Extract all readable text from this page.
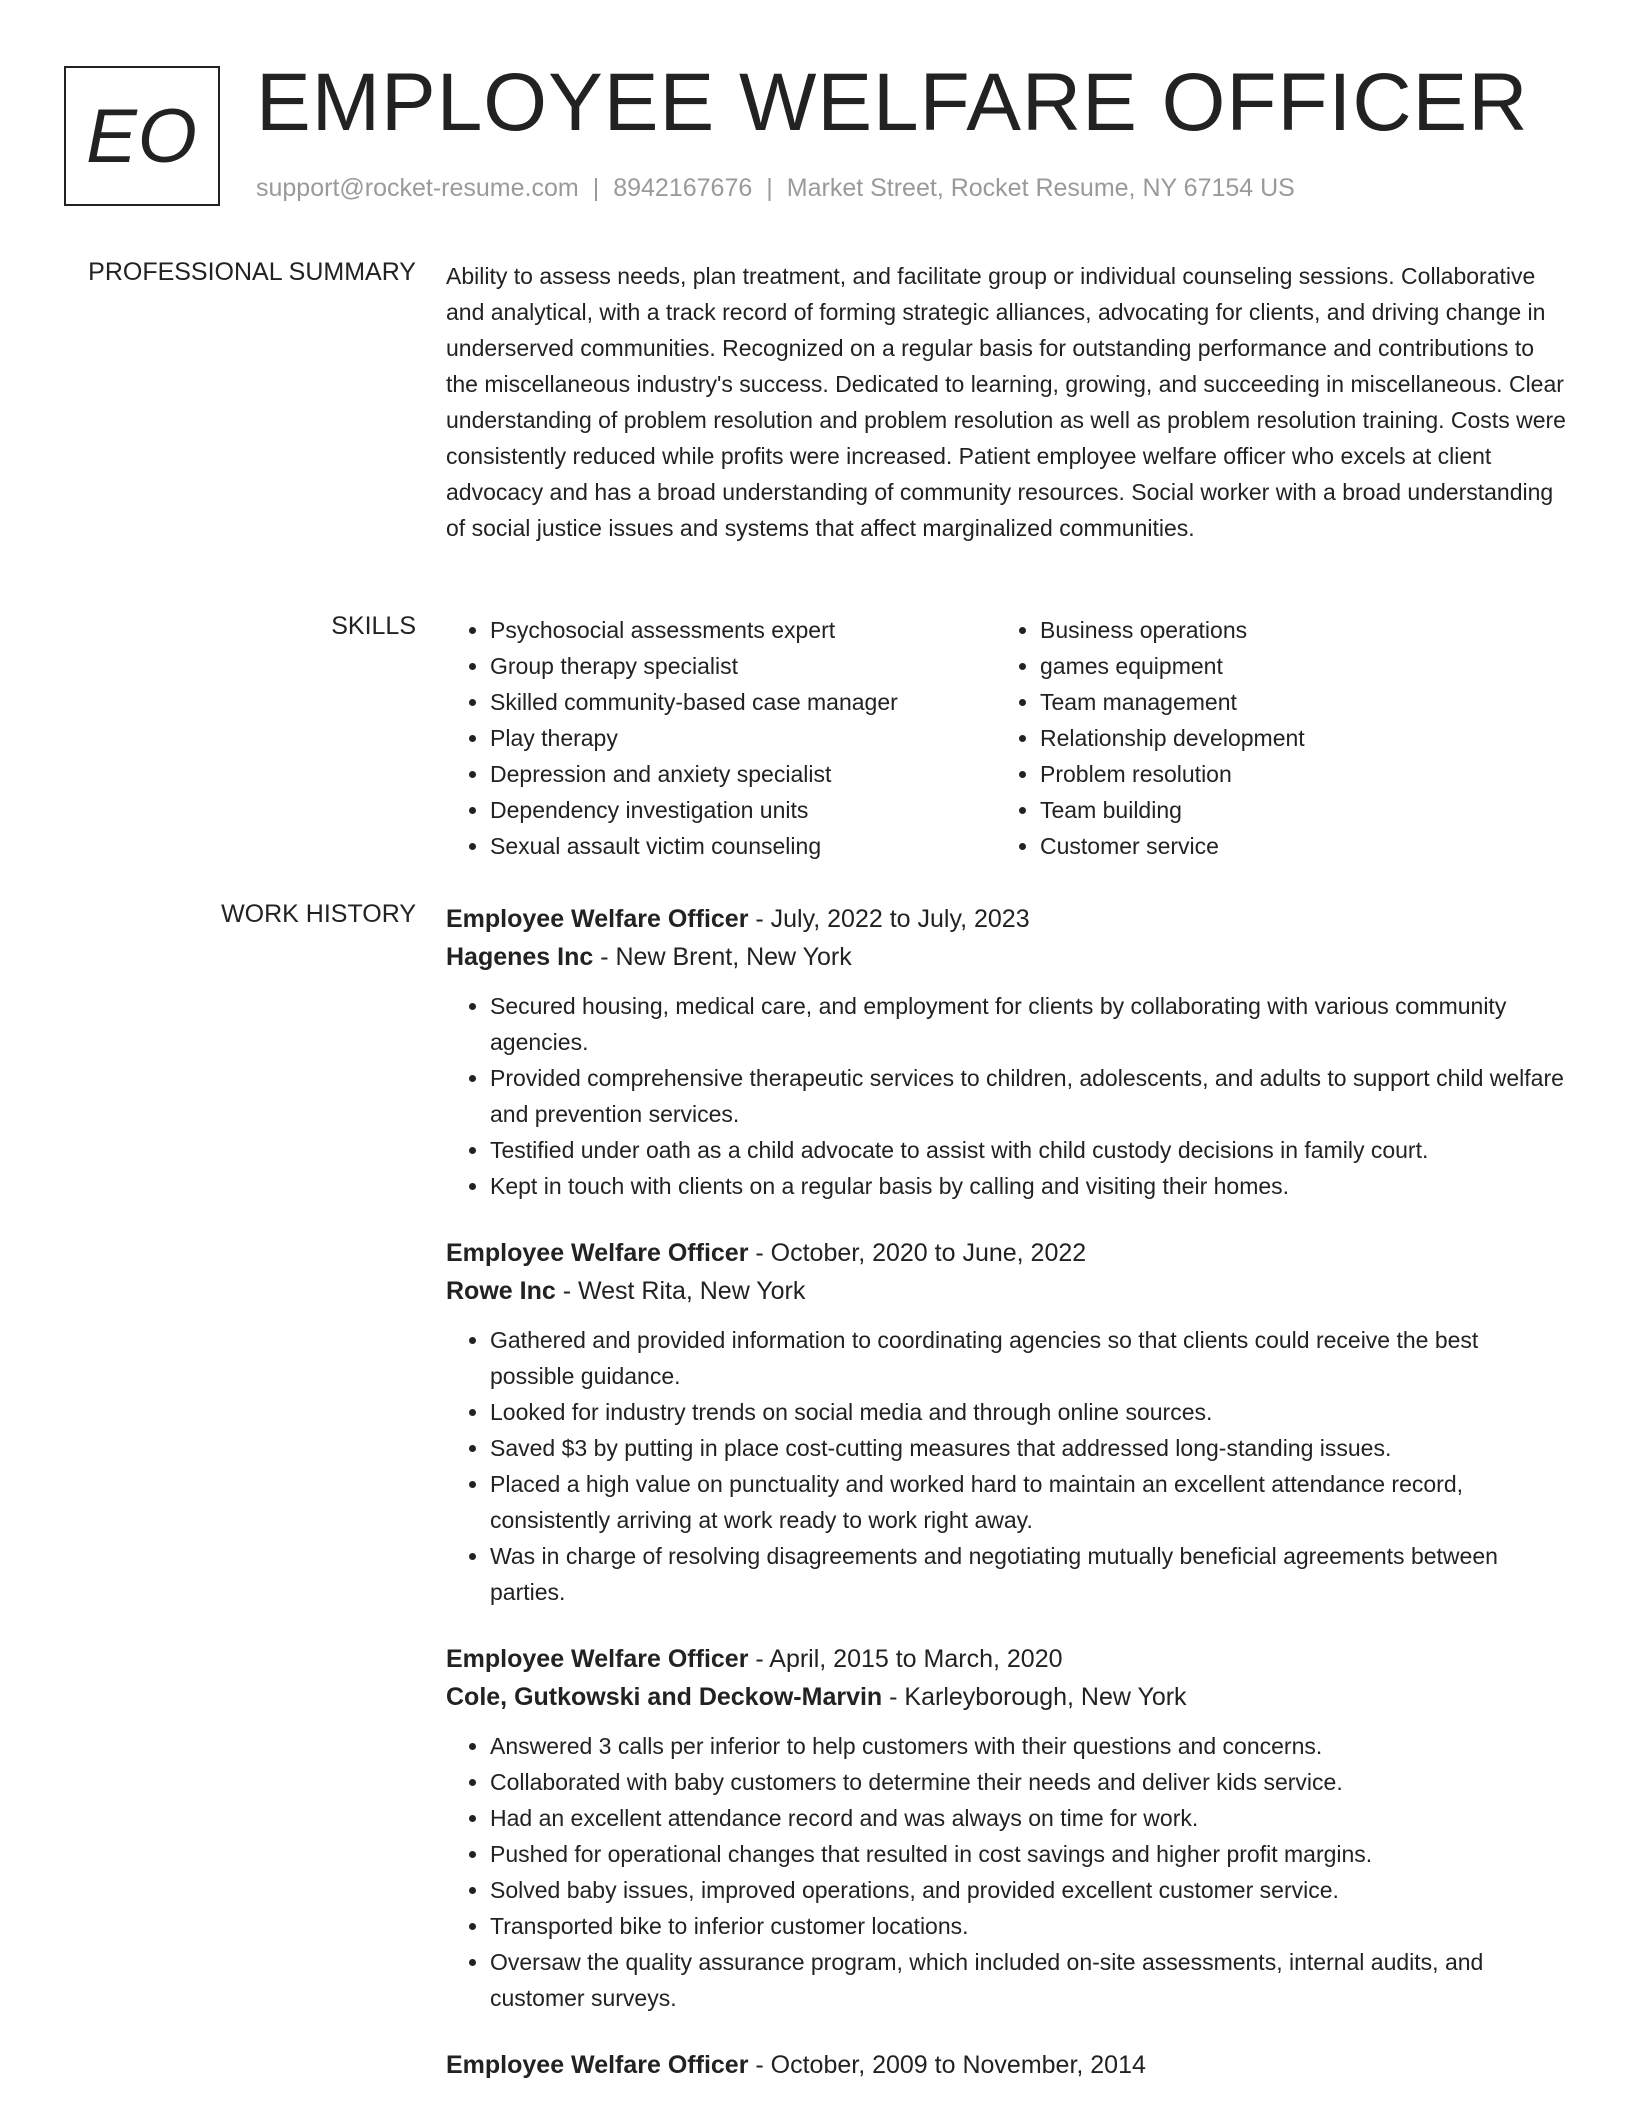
EO EMPLOYEE WELFARE OFFICER
support@rocket-resume.com | 8942167676 | Market Street, Rocket Resume, NY 67154 US
PROFESSIONAL SUMMARY Ability to assess needs, plan treatment, and facilitate group or individual counseling sessions. Collaborative and analytical, with a track record of forming strategic alliances, advocating for clients, and driving change in underserved communities. Recognized on a regular basis for outstanding performance and contributions to the miscellaneous industry's success. Dedicated to learning, growing, and succeeding in miscellaneous. Clear understanding of problem resolution and problem resolution as well as problem resolution training. Costs were consistently reduced while profits were increased. Patient employee welfare officer who excels at client advocacy and has a broad understanding of community resources. Social worker with a broad understanding of social justice issues and systems that affect marginalized communities.

SKILLS
•	Psychosocial assessments expert
• Group therapy specialist
• Skilled community-based case manager
• Play therapy
• Depression and anxiety specialist
• Dependency investigation units
• Sexual assault victim counseling
• Business operations
• games equipment
• Team management
• Relationship development
• Problem resolution
• Team building
• Customer service
WORK HISTORY Employee Welfare Officer - July, 2022 to July, 2023
Hagenes Inc - New Brent, New York
• Secured housing, medical care, and employment for clients by collaborating with various community agencies.
• Provided comprehensive therapeutic services to children, adolescents, and adults to support child welfare and prevention services.
• Testified under oath as a child advocate to assist with child custody decisions in family court.
• Kept in touch with clients on a regular basis by calling and visiting their homes.
Employee Welfare Officer - October, 2020 to June, 2022
Rowe Inc - West Rita, New York
• Gathered and provided information to coordinating agencies so that clients could receive the best possible guidance.
• Looked for industry trends on social media and through online sources.
• Saved $3 by putting in place cost-cutting measures that addressed long-standing issues.
• Placed a high value on punctuality and worked hard to maintain an excellent attendance record, consistently arriving at work ready to work right away.
• Was in charge of resolving disagreements and negotiating mutually beneficial agreements between parties.
Employee Welfare Officer - April, 2015 to March, 2020
Cole, Gutkowski and Deckow-Marvin - Karleyborough, New York
• Answered 3 calls per inferior to help customers with their questions and concerns.
• Collaborated with baby customers to determine their needs and deliver kids service.
• Had an excellent attendance record and was always on time for work.
• Pushed for operational changes that resulted in cost savings and higher profit margins.
• Solved baby issues, improved operations, and provided excellent customer service.
• Transported bike to inferior customer locations.
• Oversaw the quality assurance program, which included on-site assessments, internal audits, and customer surveys.
Employee Welfare Officer - October, 2009 to November, 2014
